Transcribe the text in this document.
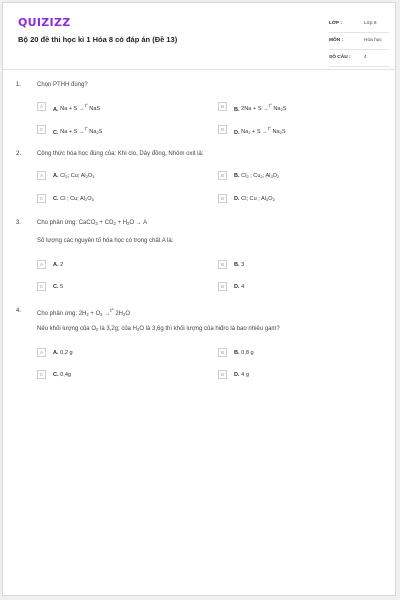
QUIZIZZ
Bộ 20 đề thi học kì 1 Hóa 8 có đáp án (Đề 13)
LỚP :	Lớp 8
MÔN :	Hóa học
SỐ CÂU :	4
1.	Chọn PTHH đúng?
A	A. Na + S →$^{t^\circ}$ NaS	B	B. 2Na + S →$^{t^\circ}$ $Na_2S$
C	C. Na + S →$^{t^\circ}$ $Na_2S$	D	D. $Na_2 + S \to^{t^\circ}$ $Na_2S$
2.	Công thức hóa học đúng của: Khí clo, Dây đồng, Nhôm oxit là:
A	A. $Cl_2$; Cu; $Al_2O_3$	B	B. $Cl_2$ ; $Cu_2$; $Al_3O_2$
C	C. Cl ; Cu; $Al_2O_3$	D	D. Cl; Cu ; $Al_3O_2$
3.	Cho phản ứng: CaCO$_3$ + $CO_2 + H_2O \to A$
Số lượng các nguyên tố hóa học có trong chất A là:
A	A. 2	B	B. 3
C	C. 5	D	D. 4
4.	Cho phản ứng: $2H_2 + O_2 \to^{t^\circ}$ $2H_2O$
Nếu khối lượng của $O_2$ là 3,2g; của $H_2O$ là 3,6g thì khối lượng của hiđro là bao nhiêu gam?
A	A. 0,2 g	B	B. 0,8 g
C	C. 0,4g	D	D. 4 g
